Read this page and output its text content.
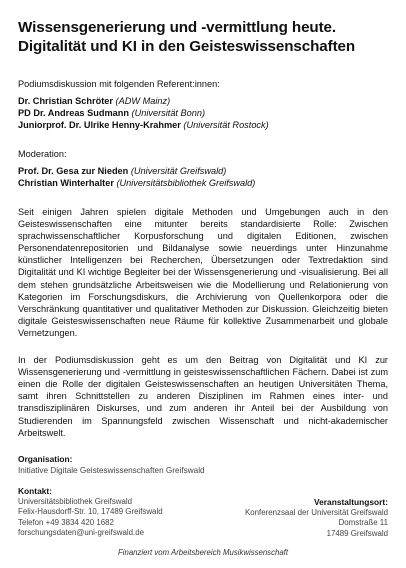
Wissensgenerierung und -vermittlung heute.
Digitalität und KI in den Geisteswissenschaften
Podiumsdiskussion mit folgenden Referent:innen:
Dr. Christian Schröter (ADW Mainz)
PD Dr. Andreas Sudmann (Universität Bonn)
Juniorprof. Dr. Ulrike Henny-Krahmer (Universität Rostock)
Moderation:
Prof. Dr. Gesa zur Nieden (Universität Greifswald)
Christian Winterhalter (Universitätsbibliothek Greifswald)

Seit einigen Jahren spielen digitale Methoden und Umgebungen auch in den Geisteswissenschaften eine mitunter bereits standardisierte Rolle: Zwischen sprachwissenschaftlicher Korpusforschung und digitalen Editionen, zwischen Personendatenrepositorien und Bildanalyse sowie neuerdings unter Hinzunahme künstlicher Intelligenzen bei Recherchen, Übersetzungen oder Textredaktion sind Digitalität und KI wichtige Begleiter bei der Wissensgenerierung und -visualisierung. Bei all dem stehen grundsätzliche Arbeitsweisen wie die Modellierung und Relationierung von Kategorien im Forschungsdiskurs, die Archivierung von Quellenkorpora oder die Verschränkung quantitativer und qualitativer Methoden zur Diskussion. Gleichzeitig bieten digitale Geisteswissenschaften neue Räume für kollektive Zusammenarbeit und globale Vernetzungen.

In der Podiumsdiskussion geht es um den Beitrag von Digitalität und KI zur Wissensgenerierung und -vermittlung in geisteswissenschaftlichen Fächern. Dabei ist zum einen die Rolle der digitalen Geisteswissenschaften an heutigen Universitäten Thema, samt ihren Schnittstellen zu anderen Disziplinen im Rahmen eines inter- und transdisziplinären Diskurses, und zum anderen ihr Anteil bei der Ausbildung von Studierenden im Spannungsfeld zwischen Wissenschaft und nicht-akademischer Arbeitswelt.

Organisation:
Initiative Digitale Geisteswissenschaften Greifswald
Kontakt:
Universitätsbibliothek Greifswald
Felix-Hausdorff-Str. 10, 17489 Greifswald
Telefon +49 3834 420 1682
forschungsdaten@uni-greifswald.de
Veranstaltungsort:
Konferenzsaal der Universität Greifswald
Domstraße 11
17489 Greifswald
Finanziert vom Arbeitsbereich Musikwissenschaft
